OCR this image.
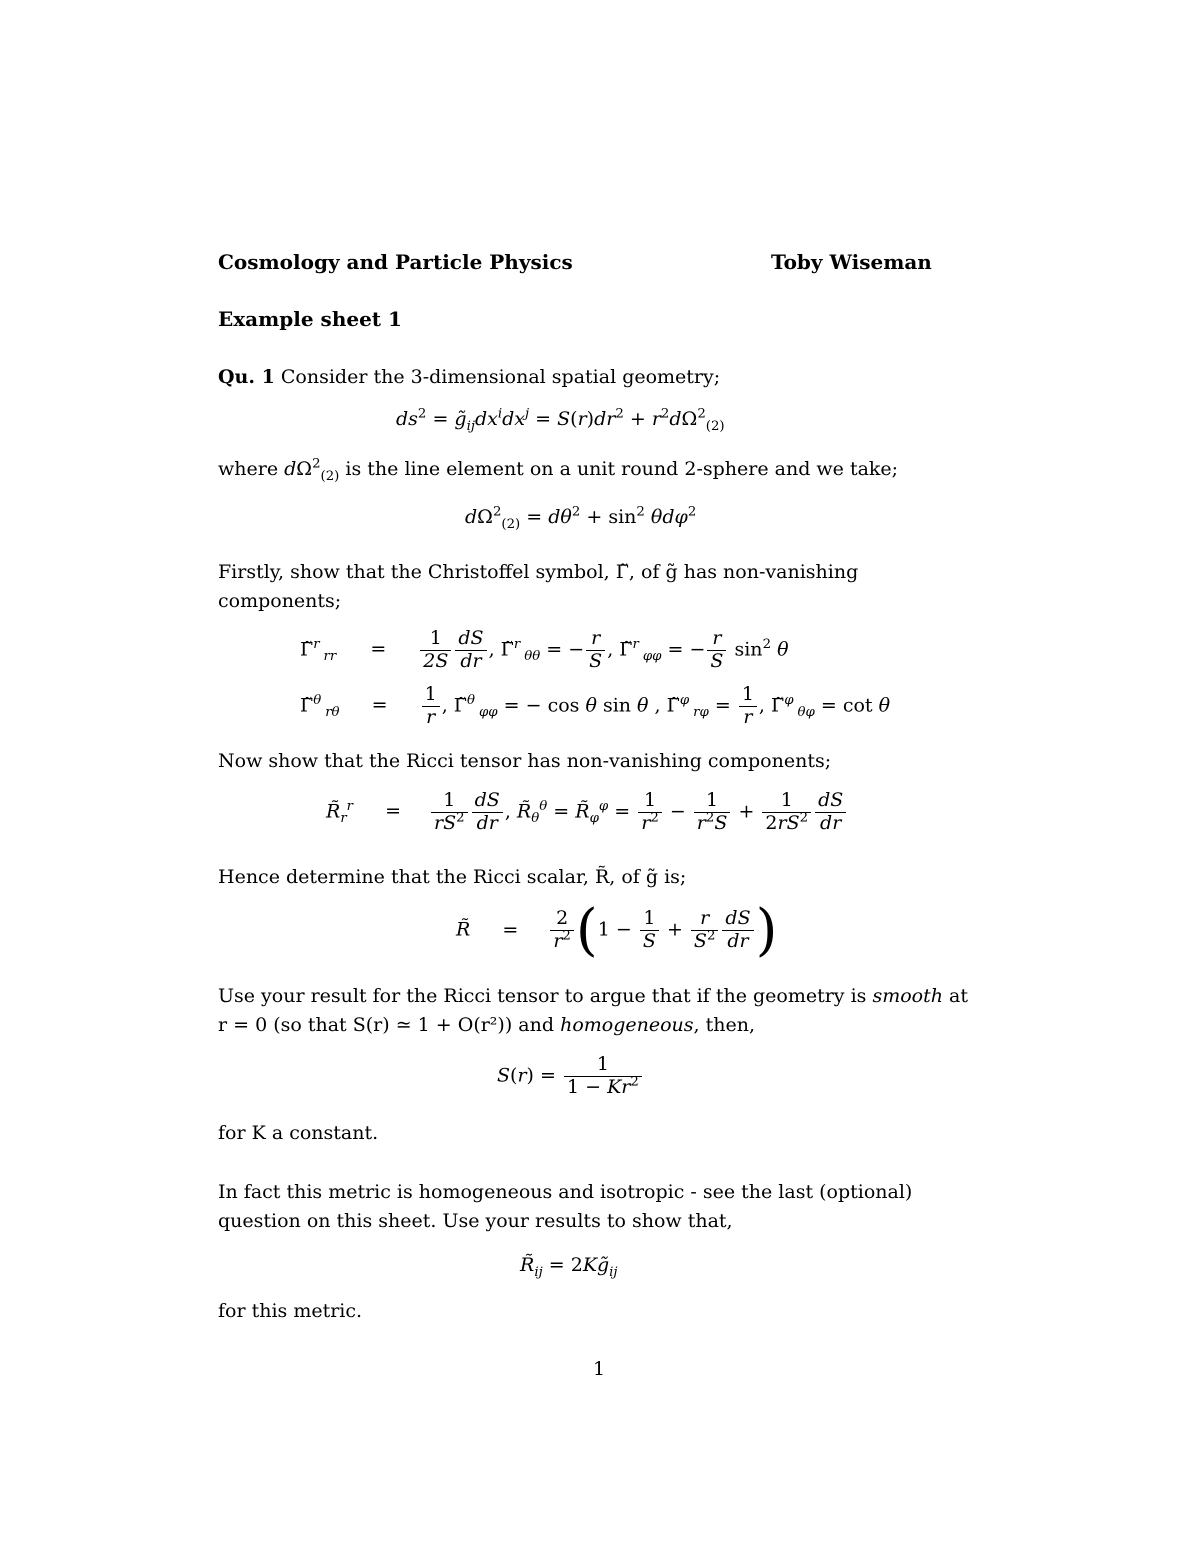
Cosmology and Particle Physics	Toby Wiseman
Example sheet 1
Qu. 1 Consider the 3-dimensional spatial geometry;
$ds^2$ = $g̃_{ij}dx^idx^j = S(r)dr^2 + r^2d\Omega^2_{(2)}$
where $d\Omega^2_{(2)}$ is the line element on a unit round 2-sphere and we take;
$d\Omega^2_{(2)} = d\theta^2 + \sin^2 \theta d\varphi^2$
Firstly, show that the Christoffel symbol, Γ̃, of g̃ has non-vanishing components;
Γ̃$^r_{rr}$ = $\frac{1}{2S} \frac{dS}{dr}$ , Γ̃$^r_{\theta\theta}$ = − $\frac{r}{S}$ , Γ̃$^r_{\varphi\varphi}$ = − $\frac{r}{S} \sin^2 \theta$
Γ̃$^\theta_{r\theta}$ = $\frac{1}{r}$ , Γ̃$^\theta_{\varphi\varphi}$ = − cos θ sin θ , Γ̃$^\varphi_{r\varphi}$ = $\frac{1}{r}$ , Γ̃$^\varphi_{\theta\varphi}$ = cot θ
Now show that the Ricci tensor has non-vanishing components;
$R̃_r^r = \frac{1}{rS^2} \frac{dS}{dr}$ , $R̃_\theta^\theta$ = $R̃_\varphi^\varphi = \frac{1}{r^2} - \frac{1}{r^2S} + \frac{1}{2rS^2} \frac{dS}{dr}$
Hence determine that the Ricci scalar, R̃, of g̃ is;
R̃ = $\frac{2}{r^2} (1 - \frac{1}{S} + \frac{r}{S^2} \frac{dS}{dr}$ )
Use your result for the Ricci tensor to argue that if the geometry is smooth at r = 0 (so that S(r) ≃ 1 + O(r²)) and homogeneous, then,
$S(r) = \frac{1}{1 - Kr^2}$
for K a constant.
In fact this metric is homogeneous and isotropic - see the last (optional) question on this sheet. Use your results to show that,
$R̃_{ij}$ = $2Kg̃_{ij}$
for this metric.
1
